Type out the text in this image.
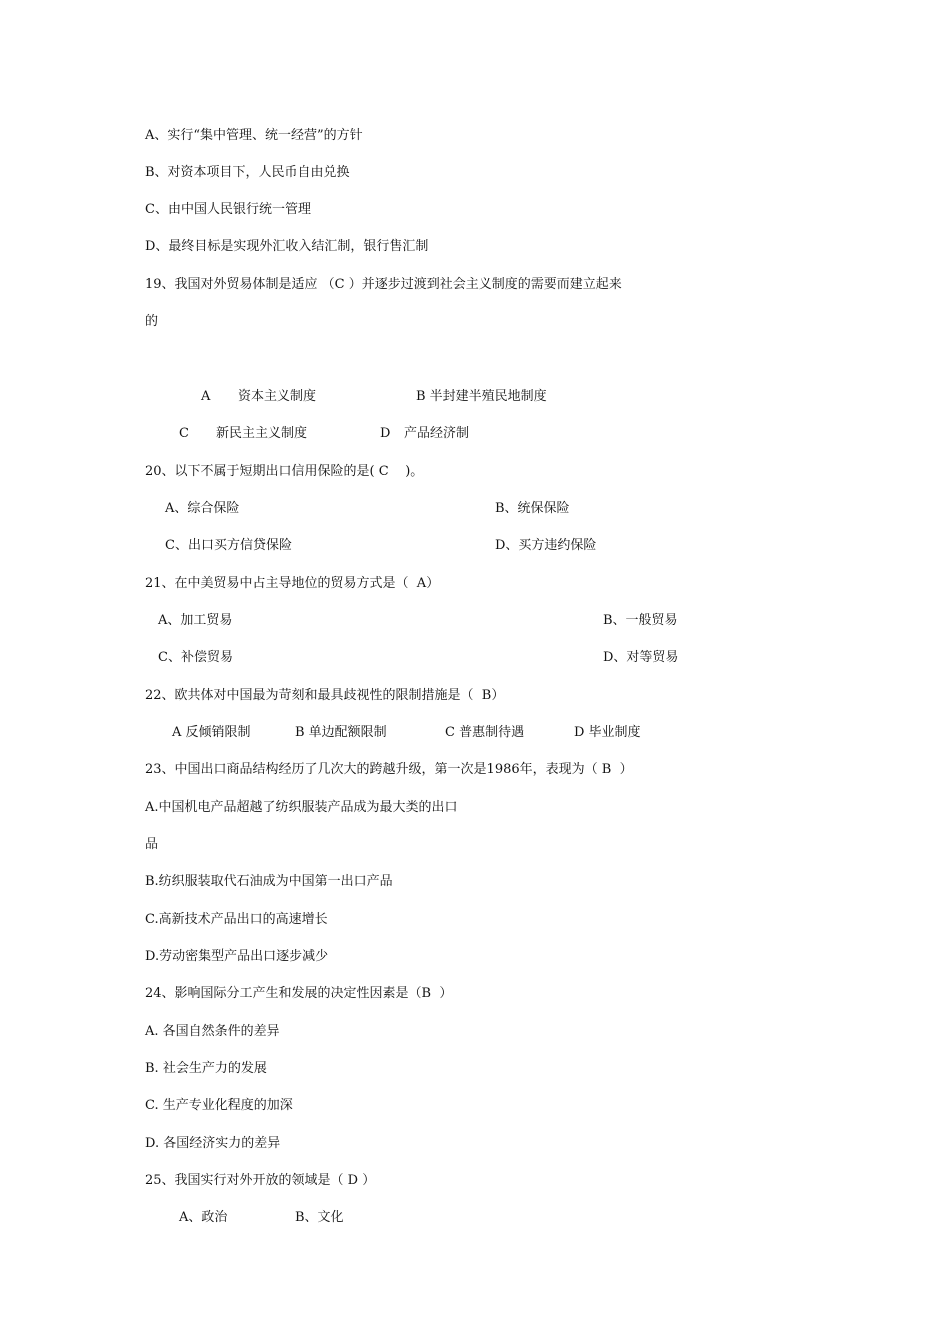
A、实行“集中管理、统一经营”的方针
B、对资本项目下，人民币自由兑换
C、由中国人民银行统一管理
D、最终目标是实现外汇收入结汇制，银行售汇制
19、我国对外贸易体制是适应 （C ）并逐步过渡到社会主义制度的需要而建立起来
的
A 资本主义制度	B 半封建半殖民地制度
C 新民主主义制度	D 产品经济制
20、以下不属于短期出口信用保险的是( C    )。
A、综合保险	B、统保保险
C、出口买方信贷保险	D、买方违约保险
21、在中美贸易中占主导地位的贸易方式是（  A）
A、加工贸易	B、一般贸易
C、补偿贸易	D、对等贸易
22、欧共体对中国最为苛刻和最具歧视性的限制措施是（  B）
A 反倾销限制	B 单边配额限制	C 普惠制待遇	D 毕业制度
23、中国出口商品结构经历了几次大的跨越升级，第一次是1986年，表现为（ B  ）
A.中国机电产品超越了纺织服装产品成为最大类的出口
品
B.纺织服装取代石油成为中国第一出口产品
C.高新技术产品出口的高速增长
D.劳动密集型产品出口逐步减少
24、影响国际分工产生和发展的决定性因素是（B  ）
A. 各国自然条件的差异
B. 社会生产力的发展
C. 生产专业化程度的加深
D. 各国经济实力的差异
25、我国实行对外开放的领域是（ D ）
A、政治	B、文化
